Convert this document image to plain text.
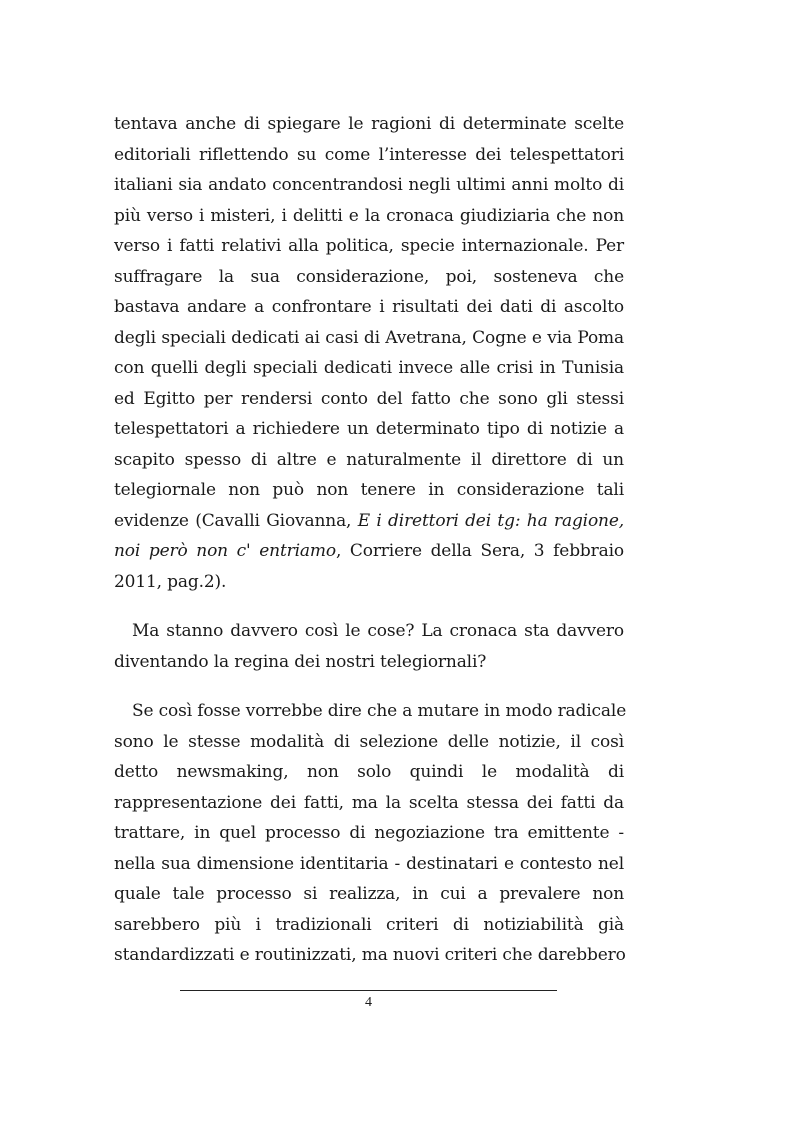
tentava anche di spiegare le ragioni di determinate scelte
editoriali riflettendo su come l’interesse dei telespettatori
italiani sia andato concentrandosi negli ultimi anni molto di
più verso i misteri, i delitti e la cronaca giudiziaria che non
verso i fatti relativi alla politica, specie internazionale. Per
suffragare la sua considerazione, poi, sosteneva che
bastava andare a confrontare i risultati dei dati di ascolto
degli speciali dedicati ai casi di Avetrana, Cogne e via Poma
con quelli degli speciali dedicati invece alle crisi in Tunisia
ed Egitto per rendersi conto del fatto che sono gli stessi
telespettatori a richiedere un determinato tipo di notizie a
scapito spesso di altre e naturalmente il direttore di un
telegiornale non può non tenere in considerazione tali
evidenze (Cavalli Giovanna, E i direttori dei tg: ha ragione,
noi però non c' entriamo, Corriere della Sera, 3 febbraio
2011, pag.2).
Ma stanno davvero così le cose? La cronaca sta davvero
diventando la regina dei nostri telegiornali?
Se così fosse vorrebbe dire che a mutare in modo radicale
sono le stesse modalità di selezione delle notizie, il così
detto newsmaking, non solo quindi le modalità di
rappresentazione dei fatti, ma la scelta stessa dei fatti da
trattare, in quel processo di negoziazione tra emittente -
nella sua dimensione identitaria - destinatari e contesto nel
quale tale processo si realizza, in cui a prevalere non
sarebbero più i tradizionali criteri di notiziabilità già
standardizzati e routinizzati, ma nuovi criteri che darebbero
4
